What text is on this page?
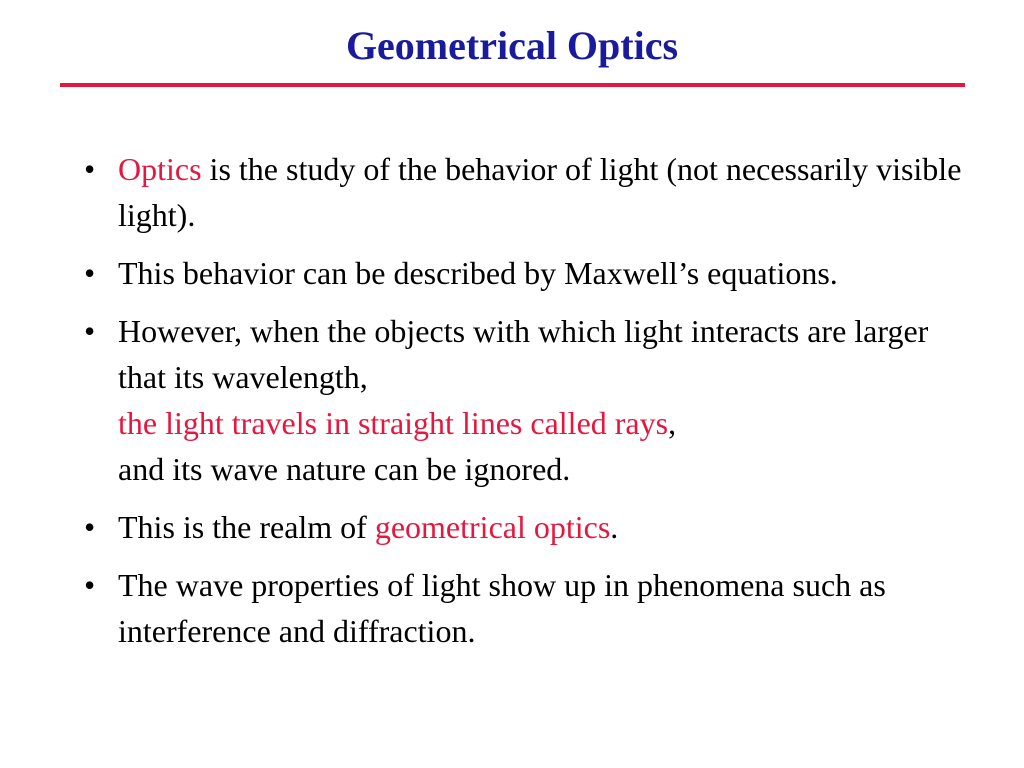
Geometrical Optics
• Optics is the study of the behavior of light (not necessarily visible light).
• This behavior can be described by Maxwell’s equations.
• However, when the objects with which light interacts are larger that its wavelength,
the light travels in straight lines called rays,
and its wave nature can be ignored.
• This is the realm of geometrical optics.
• The wave properties of light show up in phenomena such as interference and diffraction.
